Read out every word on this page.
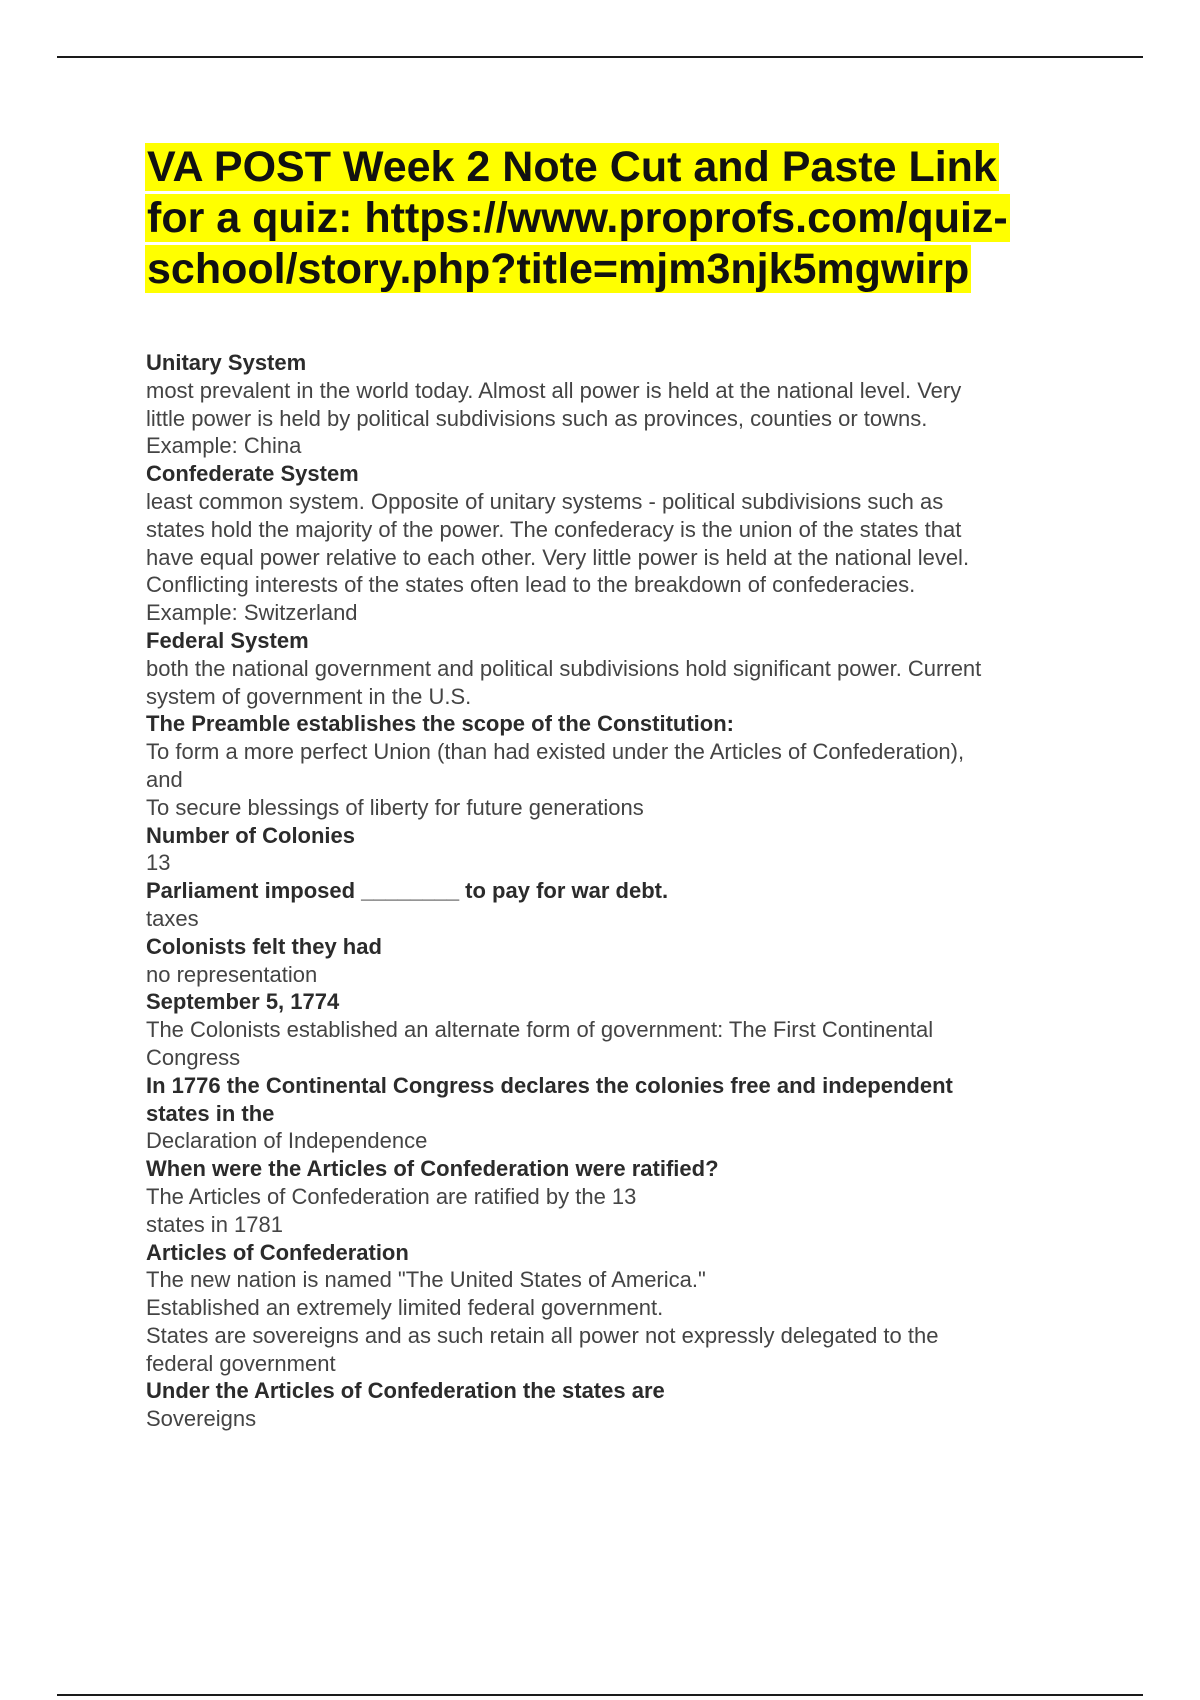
VA POST Week 2 Note Cut and Paste Link for a quiz: https://www.proprofs.com/quiz-school/story.php?title=mjm3njk5mgwirp
Unitary System
most prevalent in the world today. Almost all power is held at the national level. Very
little power is held by political subdivisions such as provinces, counties or towns.
Example: China
Confederate System
least common system. Opposite of unitary systems - political subdivisions such as
states hold the majority of the power. The confederacy is the union of the states that
have equal power relative to each other. Very little power is held at the national level.
Conflicting interests of the states often lead to the breakdown of confederacies.
Example: Switzerland
Federal System
both the national government and political subdivisions hold significant power. Current
system of government in the U.S.
The Preamble establishes the scope of the Constitution:
To form a more perfect Union (than had existed under the Articles of Confederation),
and
To secure blessings of liberty for future generations
Number of Colonies
13
Parliament imposed ________ to pay for war debt.
taxes
Colonists felt they had
no representation
September 5, 1774
The Colonists established an alternate form of government: The First Continental
Congress
In 1776 the Continental Congress declares the colonies free and independent
states in the
Declaration of Independence
When were the Articles of Confederation were ratified?
The Articles of Confederation are ratified by the 13
states in 1781
Articles of Confederation
The new nation is named "The United States of America."
Established an extremely limited federal government.
States are sovereigns and as such retain all power not expressly delegated to the
federal government
Under the Articles of Confederation the states are
Sovereigns
